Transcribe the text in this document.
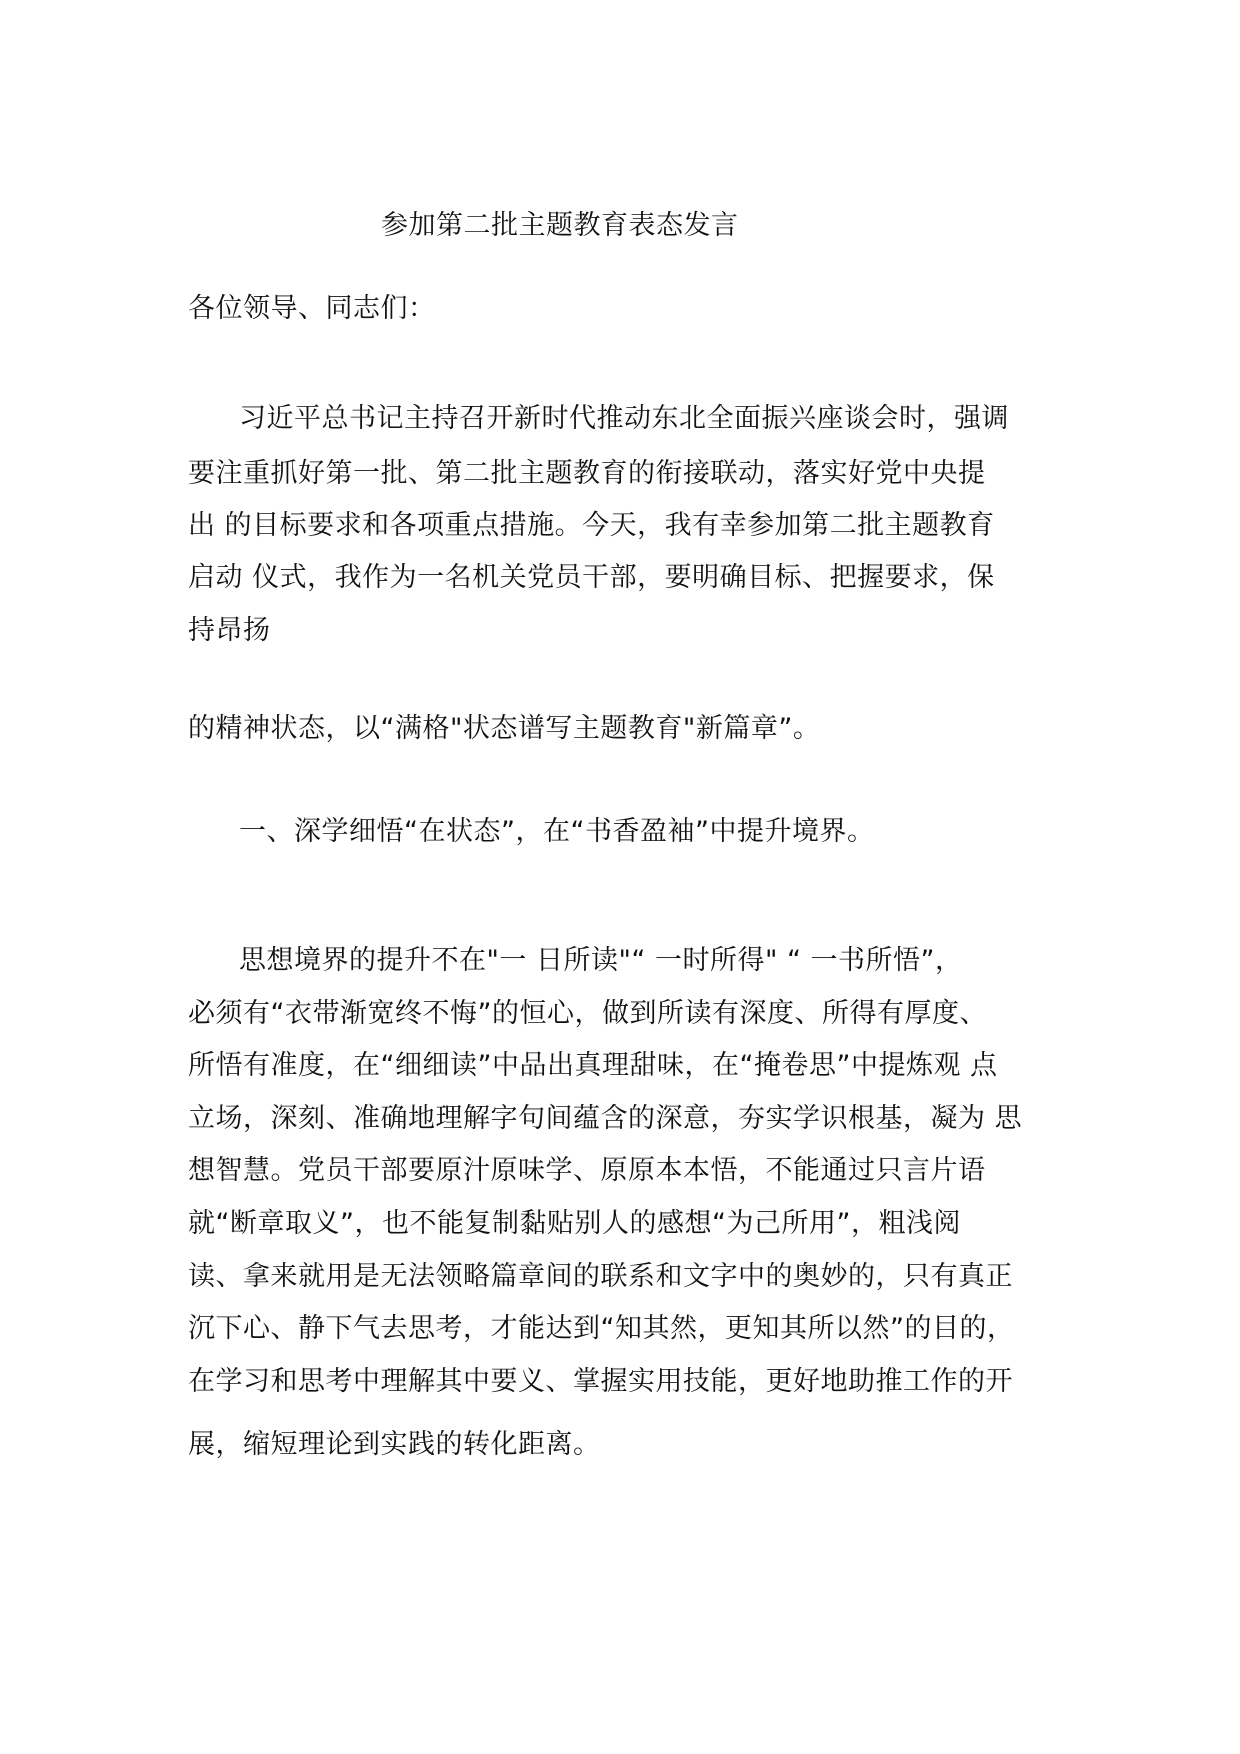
参加第二批主题教育表态发言
各位领导、同志们：
习近平总书记主持召开新时代推动东北全面振兴座谈会时，强调
要注重抓好第一批、第二批主题教育的衔接联动，落实好党中央提
出 的目标要求和各项重点措施。今天，我有幸参加第二批主题教育
启动 仪式，我作为一名机关党员干部，要明确目标、把握要求，保
持昂扬
的精神状态，以“满格"状态谱写主题教育"新篇章”。
一、深学细悟“在状态”，在“书香盈袖”中提升境界。
思想境界的提升不在"一 日所读"“ 一时所得" “ 一书所悟”，
必须有“衣带渐宽终不悔”的恒心，做到所读有深度、所得有厚度、
所悟有准度，在“细细读”中品出真理甜味，在“掩卷思”中提炼观 点
立场，深刻、准确地理解字句间蕴含的深意，夯实学识根基，凝为 思
想智慧。党员干部要原汁原味学、原原本本悟，不能通过只言片语
就“断章取义”，也不能复制黏贴别人的感想“为己所用”，粗浅阅
读、拿来就用是无法领略篇章间的联系和文字中的奥妙的，只有真正
沉下心、静下气去思考，才能达到“知其然，更知其所以然”的目的，
在学习和思考中理解其中要义、掌握实用技能，更好地助推工作的开
展，缩短理论到实践的转化距离。
